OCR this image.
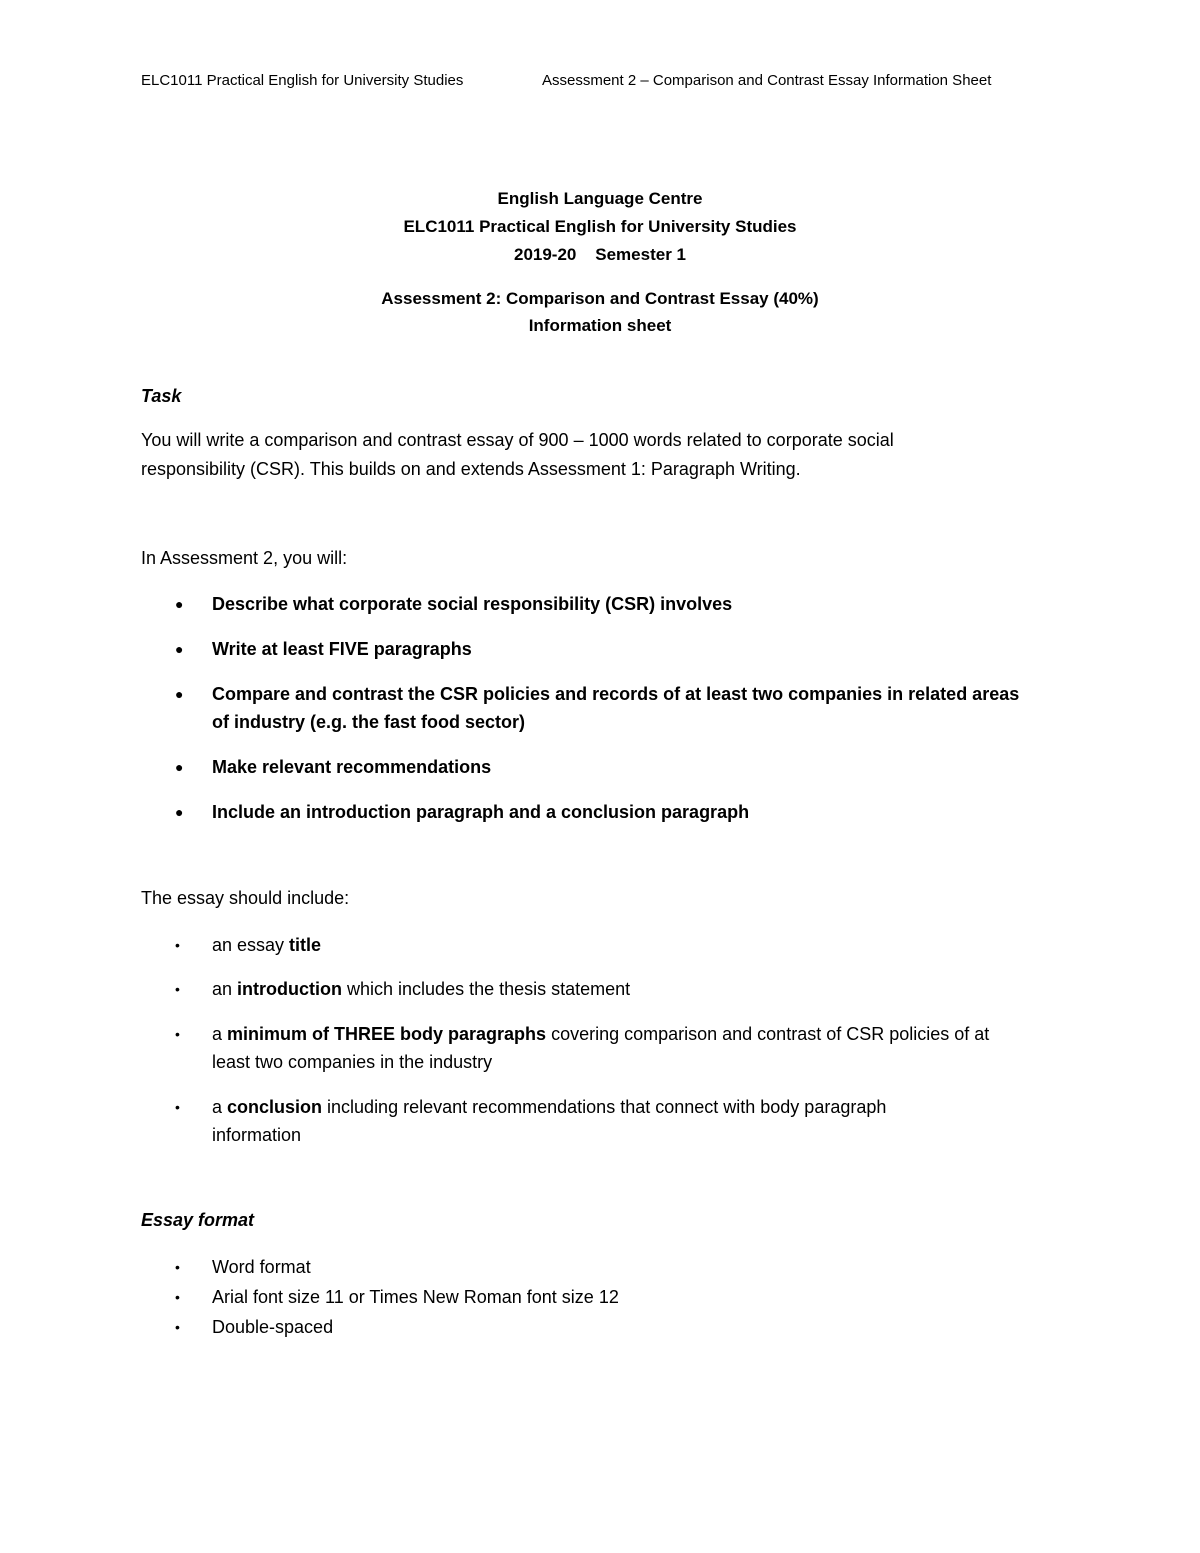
ELC1011 Practical English for University Studies	Assessment 2 – Comparison and Contrast Essay Information Sheet
English Language Centre
ELC1011 Practical English for University Studies
2019-20    Semester 1
Assessment 2: Comparison and Contrast Essay (40%)
Information sheet
Task
You will write a comparison and contrast essay of 900 – 1000 words related to corporate social
responsibility (CSR). This builds on and extends Assessment 1: Paragraph Writing.
In Assessment 2, you will:
● Describe what corporate social responsibility (CSR) involves
● Write at least FIVE paragraphs
● Compare and contrast the CSR policies and records of at least two companies in related areas
of industry (e.g. the fast food sector)
● Make relevant recommendations
● Include an introduction paragraph and a conclusion paragraph
The essay should include:
• an essay title
• an introduction which includes the thesis statement
• a minimum of THREE body paragraphs covering comparison and contrast of CSR policies of at
least two companies in the industry
• a conclusion including relevant recommendations that connect with body paragraph
information
Essay format
• Word format
• Arial font size 11 or Times New Roman font size 12
• Double-spaced
